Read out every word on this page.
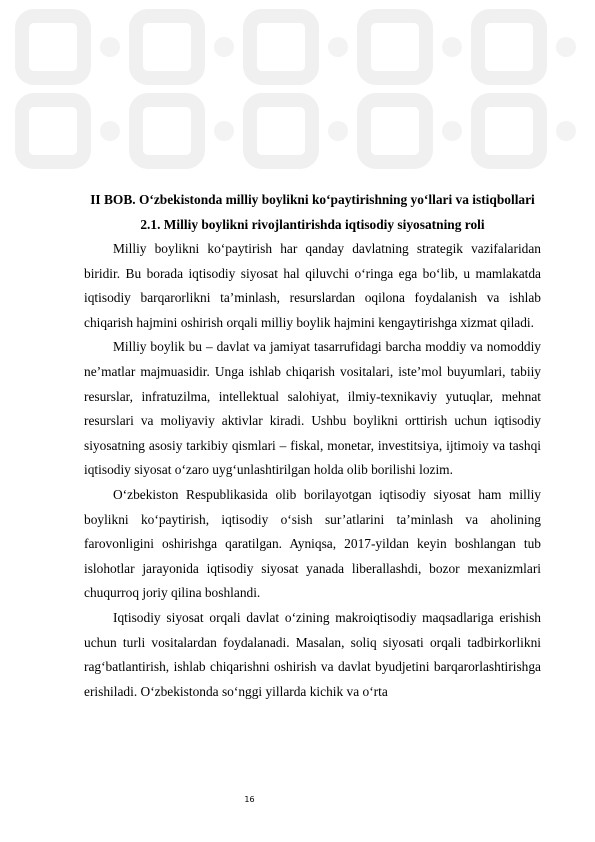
II BOB. O‘zbekistonda milliy boylikni ko‘paytirishning yo‘llari va istiqbollari
2.1. Milliy boylikni rivojlantirishda iqtisodiy siyosatning roli

Milliy boylikni ko‘paytirish har qanday davlatning strategik vazifalaridan biridir. Bu borada iqtisodiy siyosat hal qiluvchi o‘ringa ega bo‘lib, u mamlakatda iqtisodiy barqarorlikni ta’minlash, resurslardan oqilona foydalanish va ishlab chiqarish hajmini oshirish orqali milliy boylik hajmini kengaytirishga xizmat qiladi.

Milliy boylik bu – davlat va jamiyat tasarrufidagi barcha moddiy va nomoddiy ne’matlar majmuasidir. Unga ishlab chiqarish vositalari, iste’mol buyumlari, tabiiy resurslar, infratuzilma, intellektual salohiyat, ilmiy-texnikaviy yutuqlar, mehnat resurslari va moliyaviy aktivlar kiradi. Ushbu boylikni orttirish uchun iqtisodiy siyosatning asosiy tarkibiy qismlari – fiskal, monetar, investitsiya, ijtimoiy va tashqi iqtisodiy siyosat o‘zaro uyg‘unlashtirilgan holda olib borilishi lozim.

O‘zbekiston Respublikasida olib borilayotgan iqtisodiy siyosat ham milliy boylikni ko‘paytirish, iqtisodiy o‘sish sur’atlarini ta’minlash va aholining farovonligini oshirishga qaratilgan. Ayniqsa, 2017-yildan keyin boshlangan tub islohotlar jarayonida iqtisodiy siyosat yanada liberallashdi, bozor mexanizmlari chuqurroq joriy qilina boshlandi.

Iqtisodiy siyosat orqali davlat o‘zining makroiqtisodiy maqsadlariga erishish uchun turli vositalardan foydalanadi. Masalan, soliq siyosati orqali tadbirkorlikni rag‘batlantirish, ishlab chiqarishni oshirish va davlat byudjetini barqarorlashtirishga erishiladi. O‘zbekistonda so‘nggi yillarda kichik va o‘rta

16
